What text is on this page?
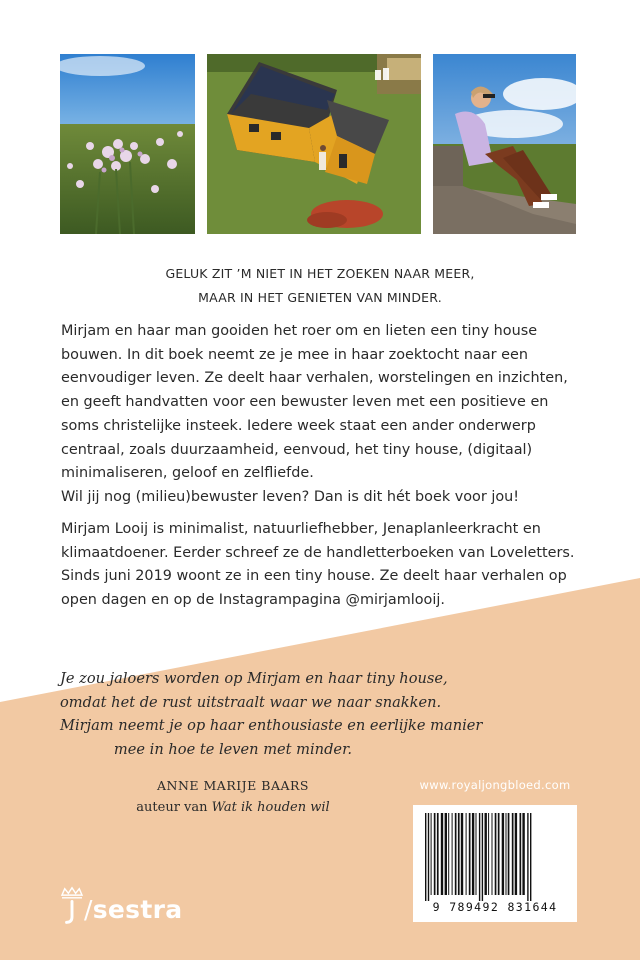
GELUK ZIT ’M NIET IN HET ZOEKEN NAAR MEER,
MAAR IN HET GENIETEN VAN MINDER.
Mirjam en haar man gooiden het roer om en lieten een tiny house
bouwen. In dit boek neemt ze je mee in haar zoektocht naar een
eenvoudiger leven. Ze deelt haar verhalen, worstelingen en inzichten,
en geeft handvatten voor een bewuster leven met een positieve en
soms christelijke insteek. Iedere week staat een ander onderwerp
centraal, zoals duurzaamheid, eenvoud, het tiny house, (digitaal)
minimaliseren, geloof en zelfliefde.
Wil jij nog (milieu)bewuster leven? Dan is dit hét boek voor jou!
Mirjam Looij is minimalist, natuurliefhebber, Jenaplanleerkracht en
klimaatdoener. Eerder schreef ze de handletterboeken van Loveletters.
Sinds juni 2019 woont ze in een tiny house. Ze deelt haar verhalen op
open dagen en op de Instagrampagina @mirjamlooij.
Je zou jaloers worden op Mirjam en haar tiny house,
omdat het de rust uitstraalt waar we naar snakken.
Mirjam neemt je op haar enthousiaste en eerlijke manier
mee in hoe te leven met minder.
ANNE MARIJE BAARS
auteur van Wat ik houden wil
www.royaljongbloed.com
9 789492 831644
/sestra
